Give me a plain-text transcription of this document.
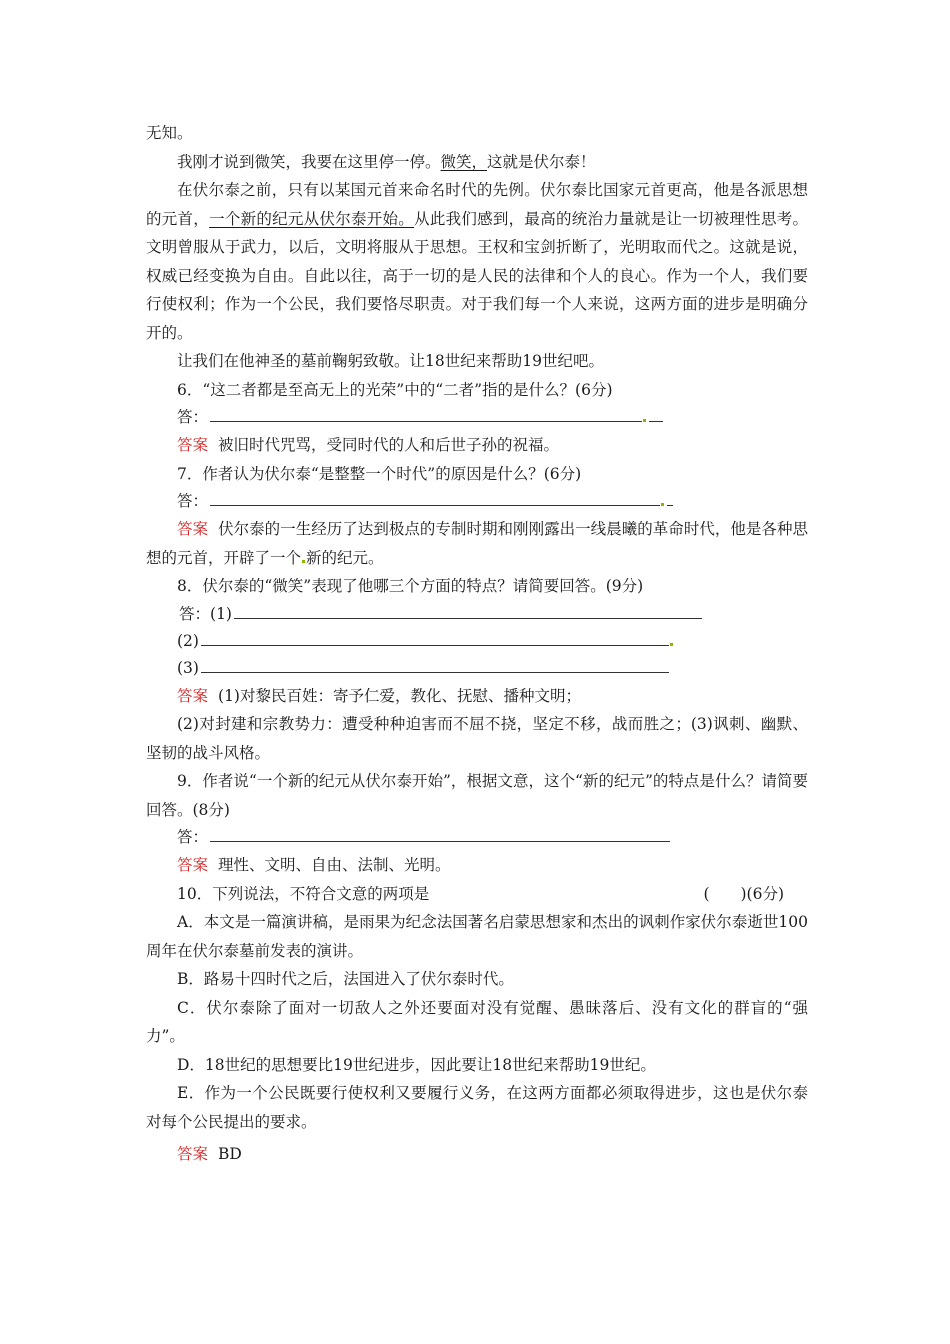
无知。

我刚才说到微笑，我要在这里停一停。微笑，这就是伏尔泰！

在伏尔泰之前，只有以某国元首来命名时代的先例。伏尔泰比国家元首更高，他是各派思想的元首，一个新的纪元从伏尔泰开始。从此我们感到，最高的统治力量就是让一切被理性思考。文明曾服从于武力，以后，文明将服从于思想。王权和宝剑折断了，光明取而代之。这就是说，权威已经变换为自由。自此以往，高于一切的是人民的法律和个人的良心。作为一个人，我们要行使权利；作为一个公民，我们要恪尽职责。对于我们每一个人来说，这两方面的进步是明确分开的。

让我们在他神圣的墓前鞠躬致敬。让18世纪来帮助19世纪吧。

6．“这二者都是至高无上的光荣”中的“二者”指的是什么？(6分)

答：

答案 被旧时代咒骂，受同时代的人和后世子孙的祝福。

7．作者认为伏尔泰“是整整一个时代”的原因是什么？(6分)

答：

答案 伏尔泰的一生经历了达到极点的专制时期和刚刚露出一线晨曦的革命时代，他是各种思想的元首，开辟了一个 新的纪元。

8．伏尔泰的“微笑”表现了他哪三个方面的特点？请简要回答。(9分)

答：(1)

(2)

(3)

答案 (1)对黎民百姓：寄予仁爱，教化、抚慰、播种文明；

(2)对封建和宗教势力：遭受种种迫害而不屈不挠，坚定不移，战而胜之；(3)讽刺、幽默、坚韧的战斗风格。

9．作者说“一个新的纪元从伏尔泰开始”，根据文意，这个“新的纪元”的特点是什么？请简要回答。(8分)

答：

答案 理性、文明、自由、法制、光明。

10．下列说法，不符合文意的两项是	(　　)(6分)

A．本文是一篇演讲稿，是雨果为纪念法国著名启蒙思想家和杰出的讽刺作家伏尔泰逝世100周年在伏尔泰墓前发表的演讲。

B．路易十四时代之后，法国进入了伏尔泰时代。

C．伏尔泰除了面对一切敌人之外还要面对没有觉醒、愚昧落后、没有文化的群盲的“强力”。

D．18世纪的思想要比19世纪进步，因此要让18世纪来帮助19世纪。

E．作为一个公民既要行使权利又要履行义务，在这两方面都必须取得进步，这也是伏尔泰对每个公民提出的要求。

答案 BD
